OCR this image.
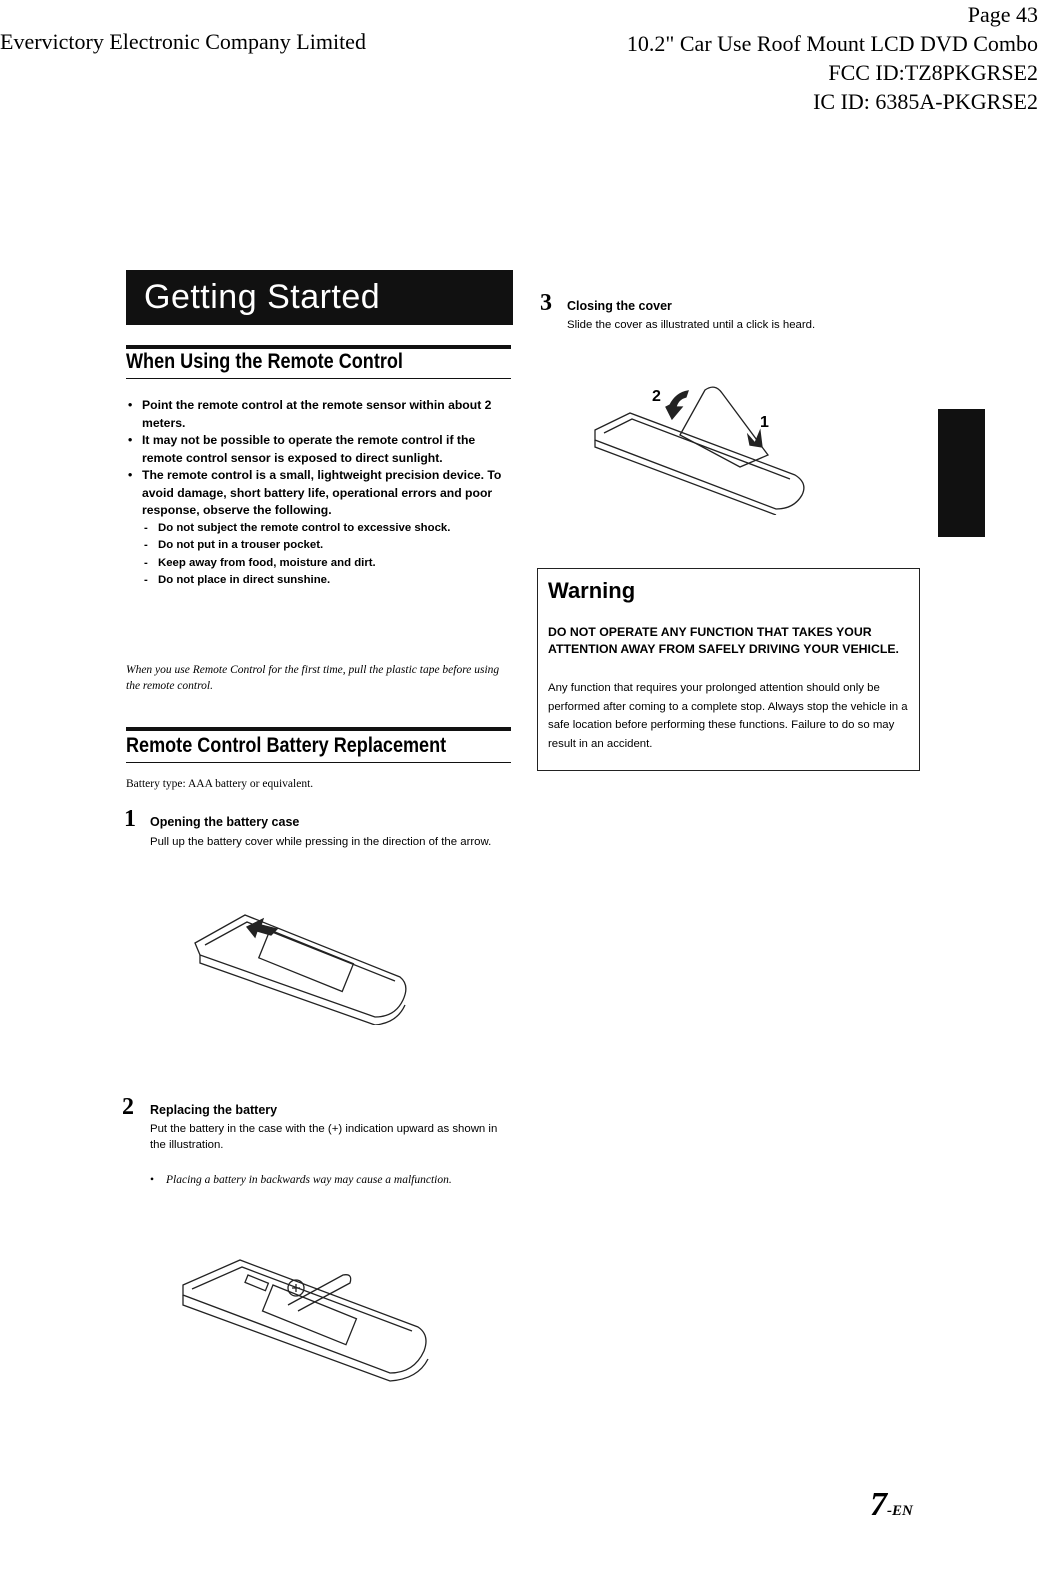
Evervictory Electronic Company Limited
Page 43
10.2" Car Use Roof Mount LCD DVD Combo
FCC ID:TZ8PKGRSE2
IC ID: 6385A-PKGRSE2
Getting Started
When Using the Remote Control
• Point the remote control at the remote sensor within about 2 meters.
• It may not be possible to operate the remote control if the remote control sensor is exposed to direct sunlight.
• The remote control is a small, lightweight precision device. To avoid damage, short battery life, operational errors and poor response, observe the following.
- Do not subject the remote control to excessive shock.
- Do not put in a trouser pocket.
- Keep away from food, moisture and dirt.
- Do not place in direct sunshine.
When you use Remote Control for the first time, pull the plastic tape before using the remote control.
Remote Control Battery Replacement
Battery type: AAA battery or equivalent.
1 Opening the battery case
Pull up the battery cover while pressing in the direction of the arrow.
2 Replacing the battery
Put the battery in the case with the (+) indication upward as shown in the illustration.
• Placing a battery in backwards way may cause a malfunction.
3 Closing the cover
Slide the cover as illustrated until a click is heard.
2
1
Warning
DO NOT OPERATE ANY FUNCTION THAT TAKES YOUR ATTENTION AWAY FROM SAFELY DRIVING YOUR VEHICLE.
Any function that requires your prolonged attention should only be performed after coming to a complete stop. Always stop the vehicle in a safe location before performing these functions. Failure to do so may result in an accident.
7-EN
